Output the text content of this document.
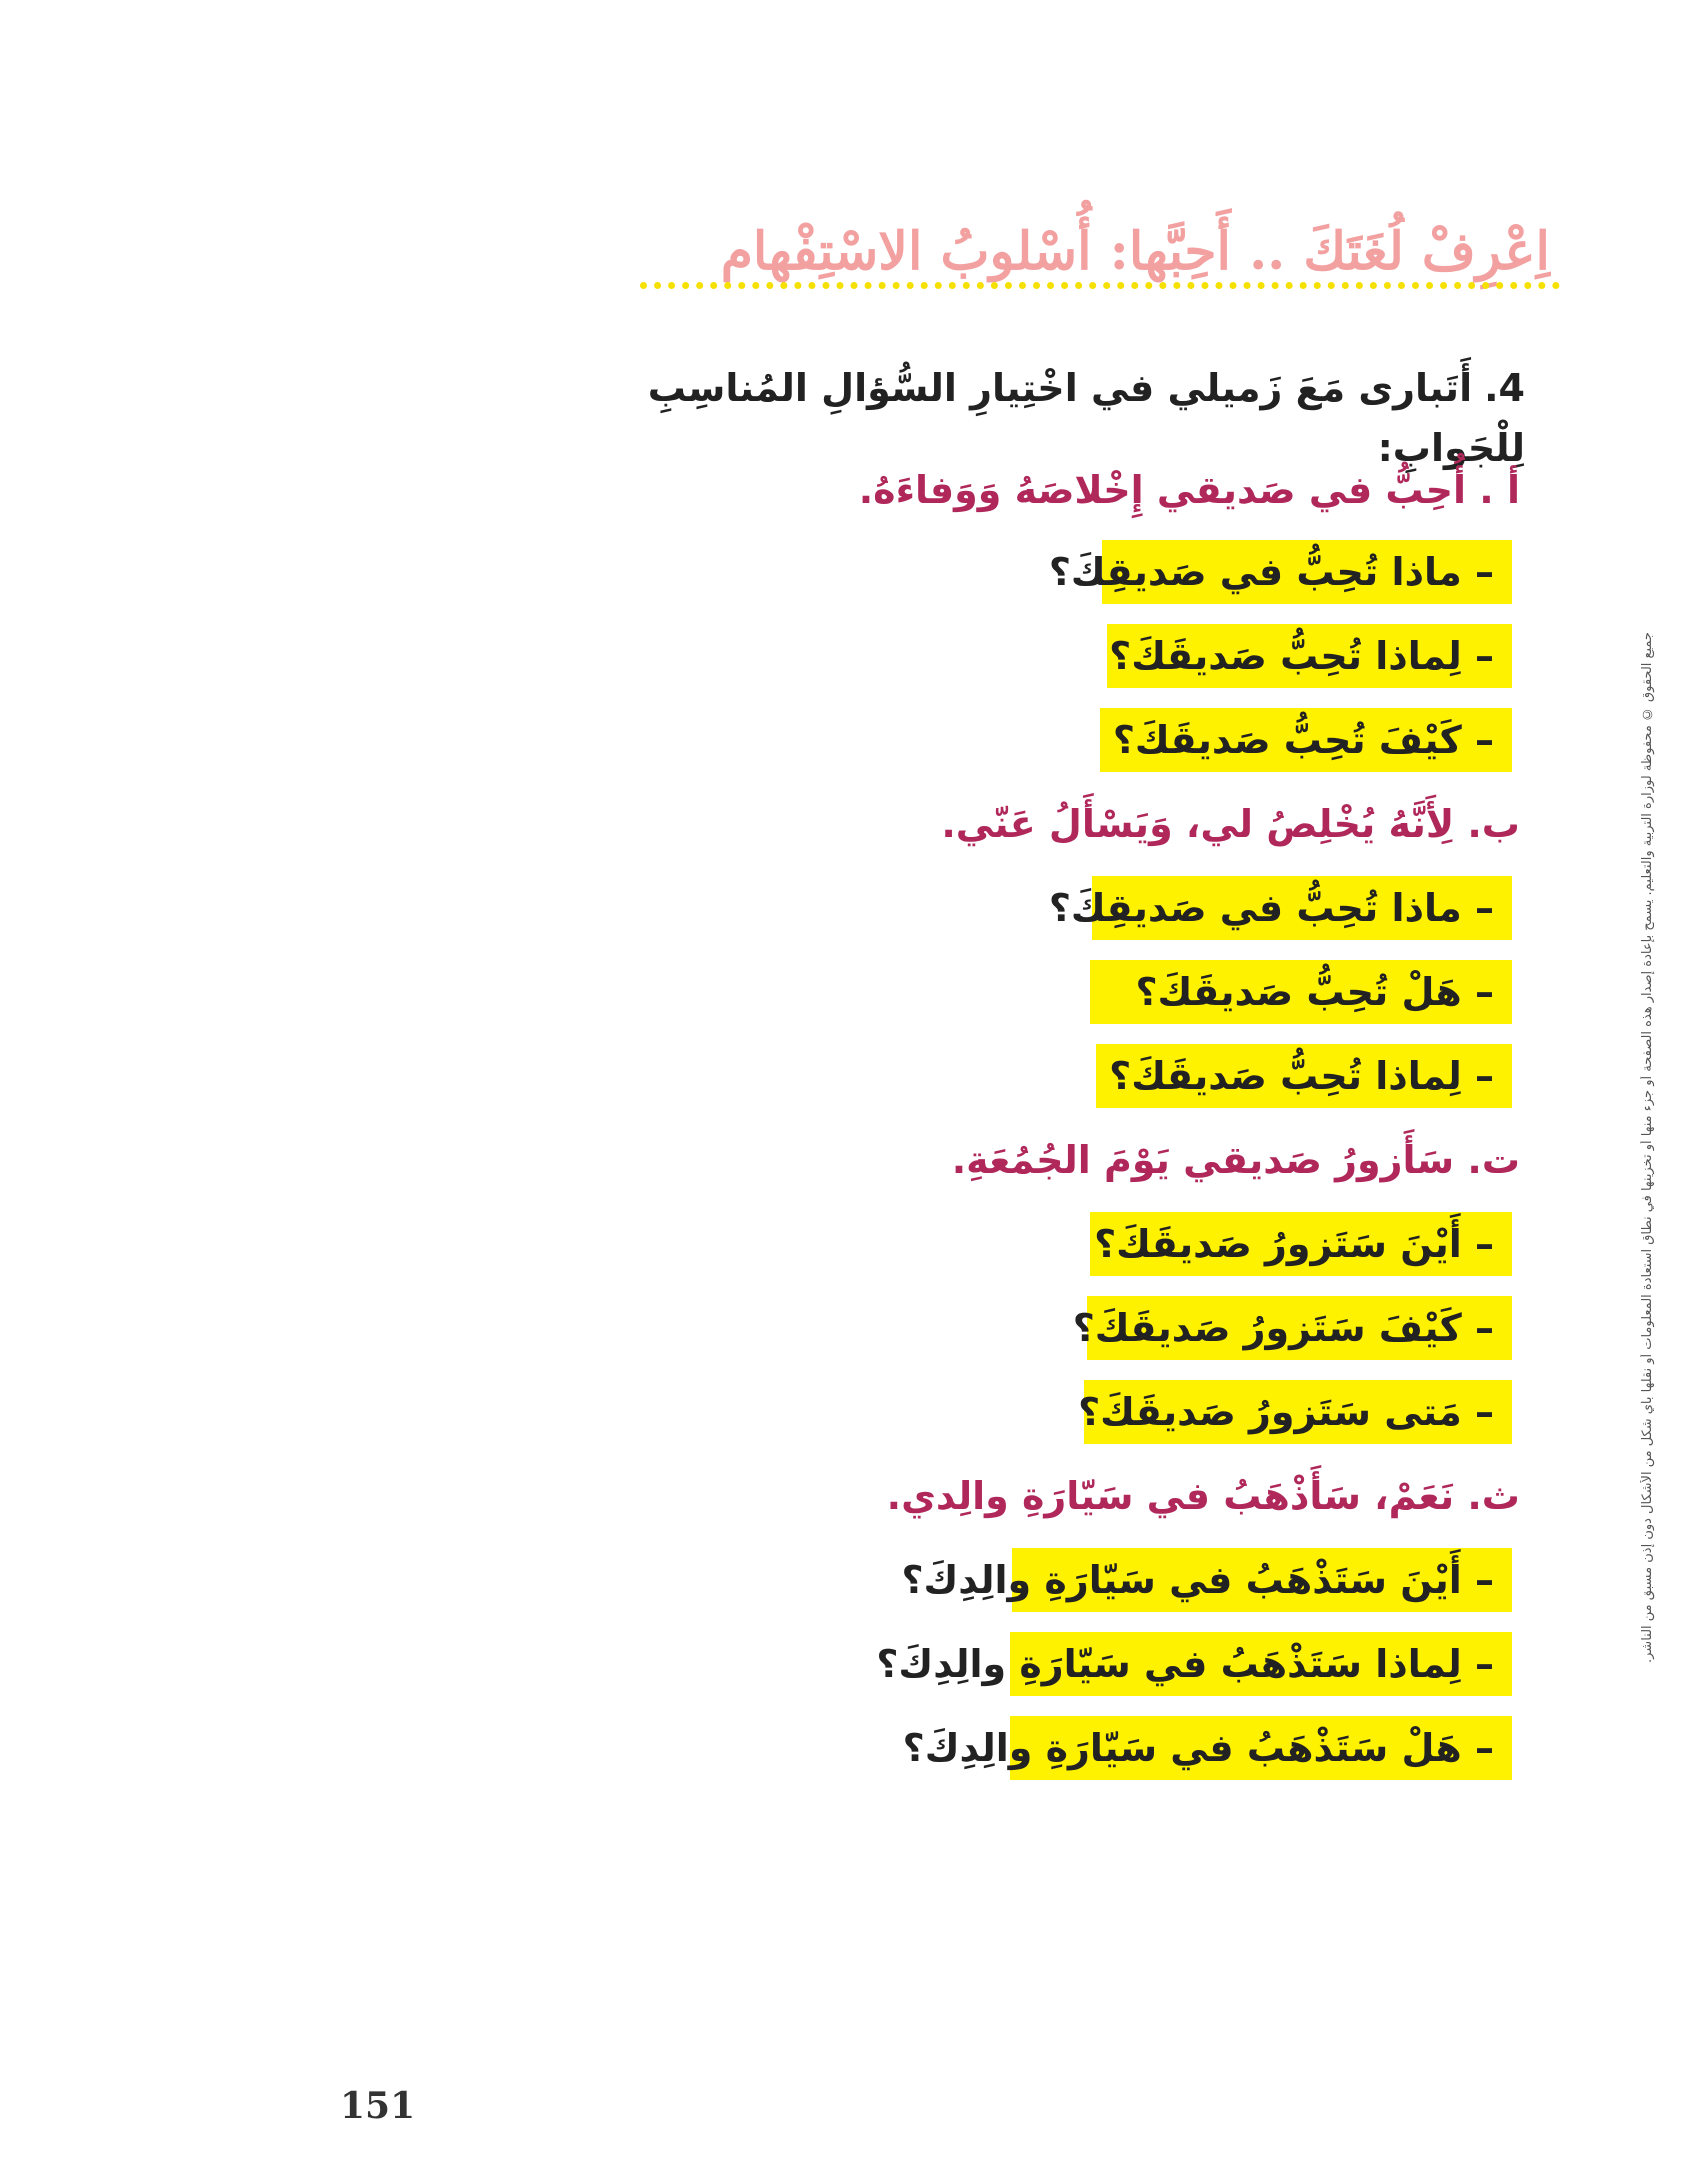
اِعْرِفْ لُغَتَكَ .. أَحِبَّها: أُسْلوبُ الاسْتِفْهام
4.أَتَبارى مَعَ زَميلي في اخْتِيارِ السُّؤالِ المُناسِبِ لِلْجَوابِ:
أ . أُحِبُّ في صَديقي إِخْلاصَهُ وَوَفاءَهُ.
– ماذا تُحِبُّ في صَديقِكَ؟
– لِماذا تُحِبُّ صَديقَكَ؟
– كَيْفَ تُحِبُّ صَديقَكَ؟
ب. لِأَنَّهُ يُخْلِصُ لي، وَيَسْأَلُ عَنّي.
– ماذا تُحِبُّ في صَديقِكَ؟
– هَلْ تُحِبُّ صَديقَكَ؟
– لِماذا تُحِبُّ صَديقَكَ؟
ت. سَأَزورُ صَديقي يَوْمَ الجُمُعَةِ.
– أَيْنَ سَتَزورُ صَديقَكَ؟
– كَيْفَ سَتَزورُ صَديقَكَ؟
– مَتى سَتَزورُ صَديقَكَ؟
ث. نَعَمْ، سَأَذْهَبُ في سَيّارَةِ والِدي.
– أَيْنَ سَتَذْهَبُ في سَيّارَةِ والِدِكَ؟
– لِماذا سَتَذْهَبُ في سَيّارَةِ والِدِكَ؟
– هَلْ سَتَذْهَبُ في سَيّارَةِ والِدِكَ؟
جميع الحقوق © محفوظة لوزارة التربية والتعليم. يسمح بإعادة إصدار هذه الصفحة أو جزء منها أو تخزينها في نطاق استعادة المعلومات أو نقلها بأي شكل من الأشكال دون إذن مسبق من الناشر.
151
